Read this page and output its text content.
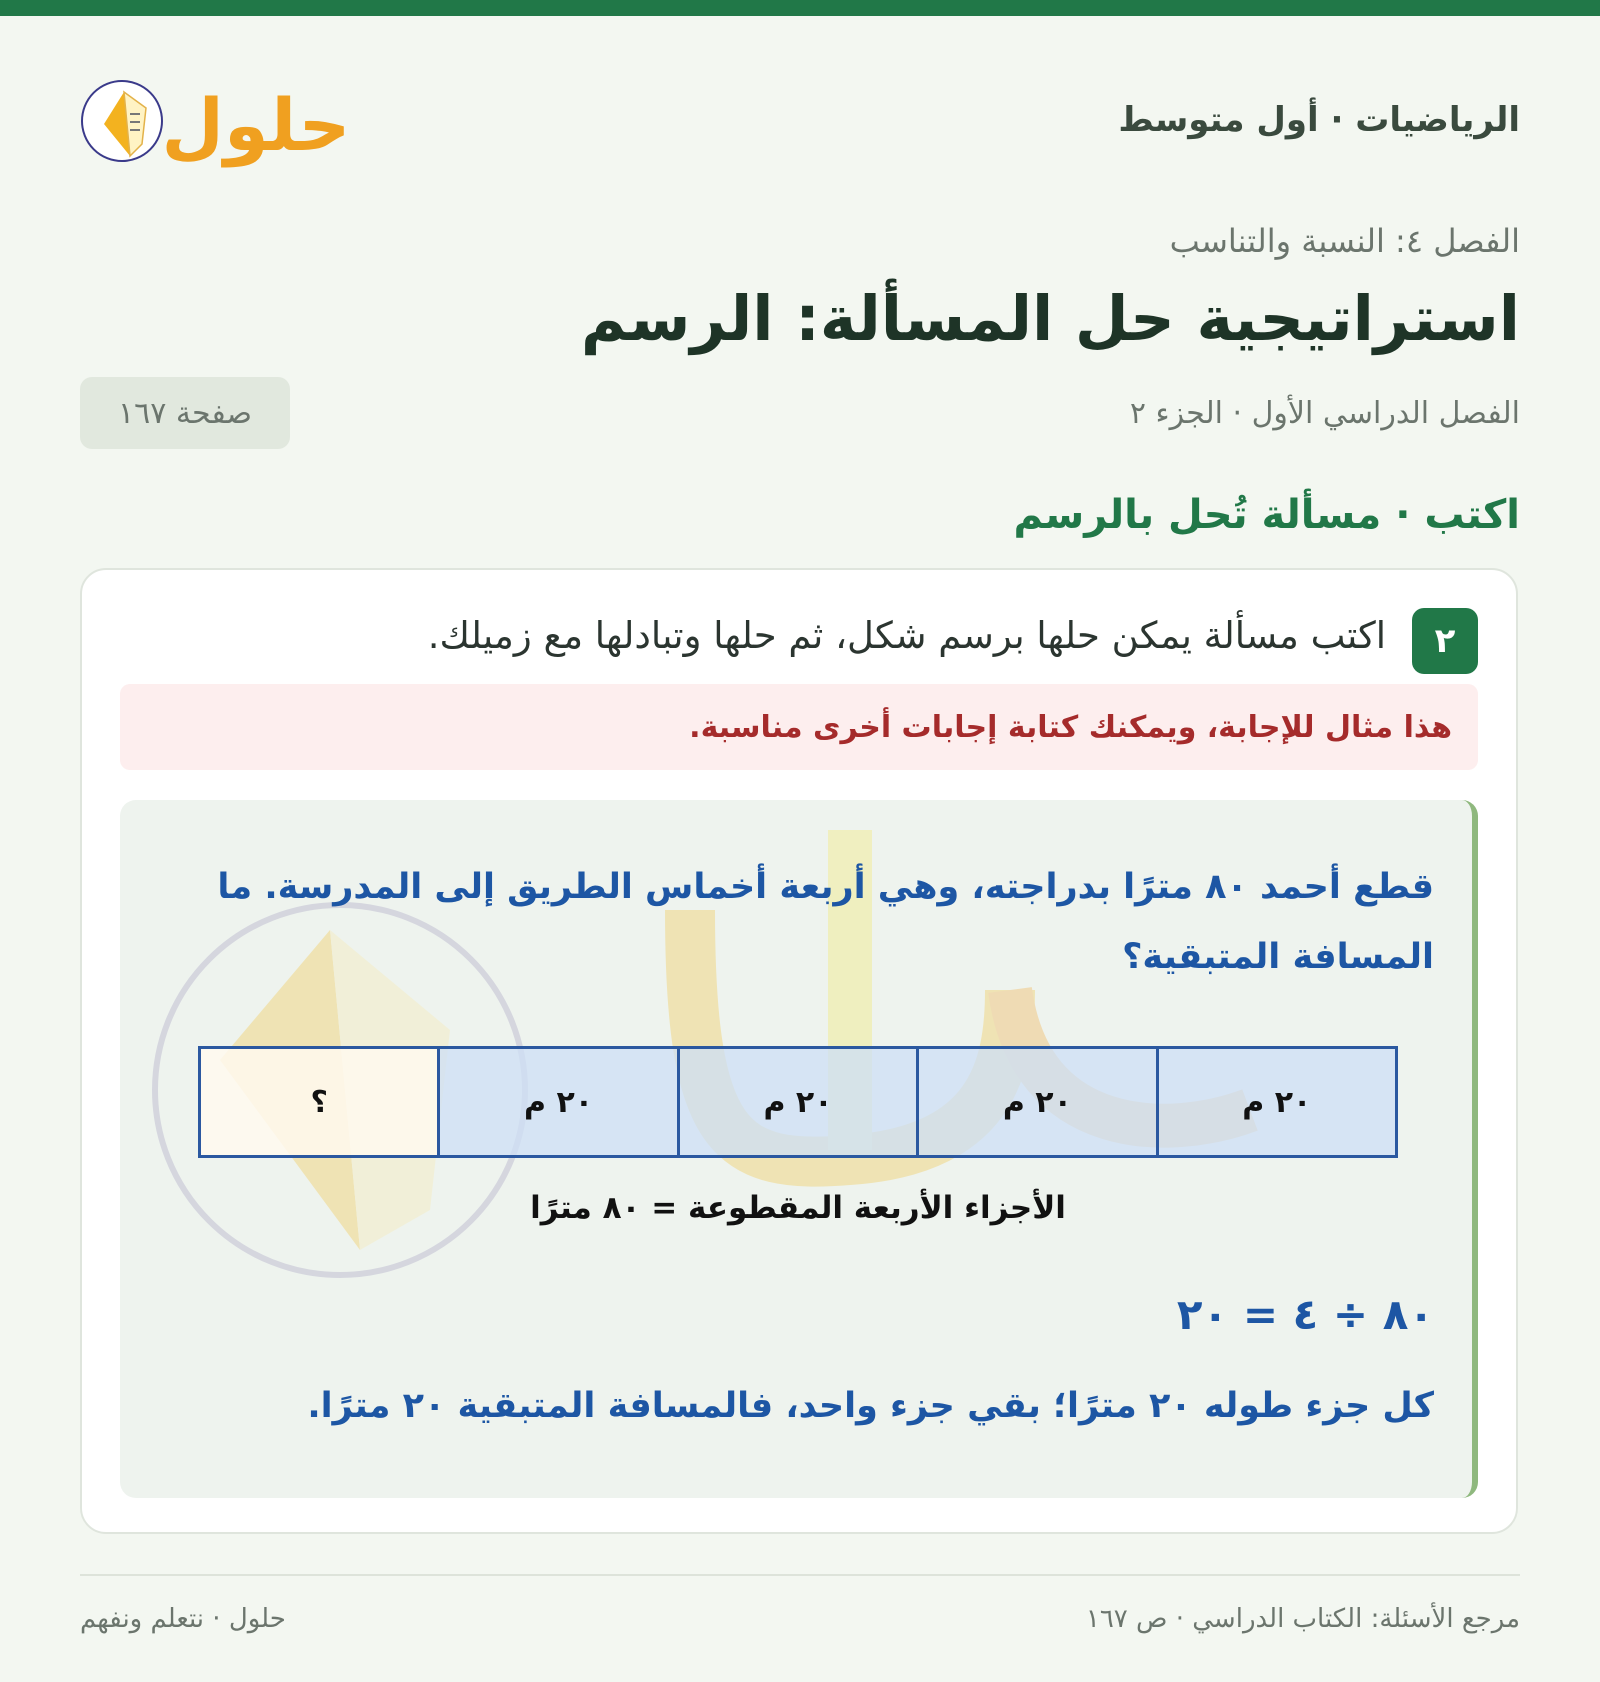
الرياضيات · أول متوسط
حلول
الفصل ٤: النسبة والتناسب
استراتيجية حل المسألة: الرسم
الفصل الدراسي الأول · الجزء ٢
صفحة ١٦٧
اكتب · مسألة تُحل بالرسم
٢
اكتب مسألة يمكن حلها برسم شكل، ثم حلها وتبادلها مع زميلك.
هذا مثال للإجابة، ويمكنك كتابة إجابات أخرى مناسبة.
قطع أحمد ٨٠ مترًا بدراجته، وهي أربعة أخماس الطريق إلى المدرسة. ما المسافة المتبقية؟
٢٠ م
٢٠ م
٢٠ م
٢٠ م
؟
الأجزاء الأربعة المقطوعة = ٨٠ مترًا
٨٠ ÷ ٤ = ٢٠
كل جزء طوله ٢٠ مترًا؛ بقي جزء واحد، فالمسافة المتبقية ٢٠ مترًا.
مرجع الأسئلة: الكتاب الدراسي · ص ١٦٧
حلول · نتعلم ونفهم
